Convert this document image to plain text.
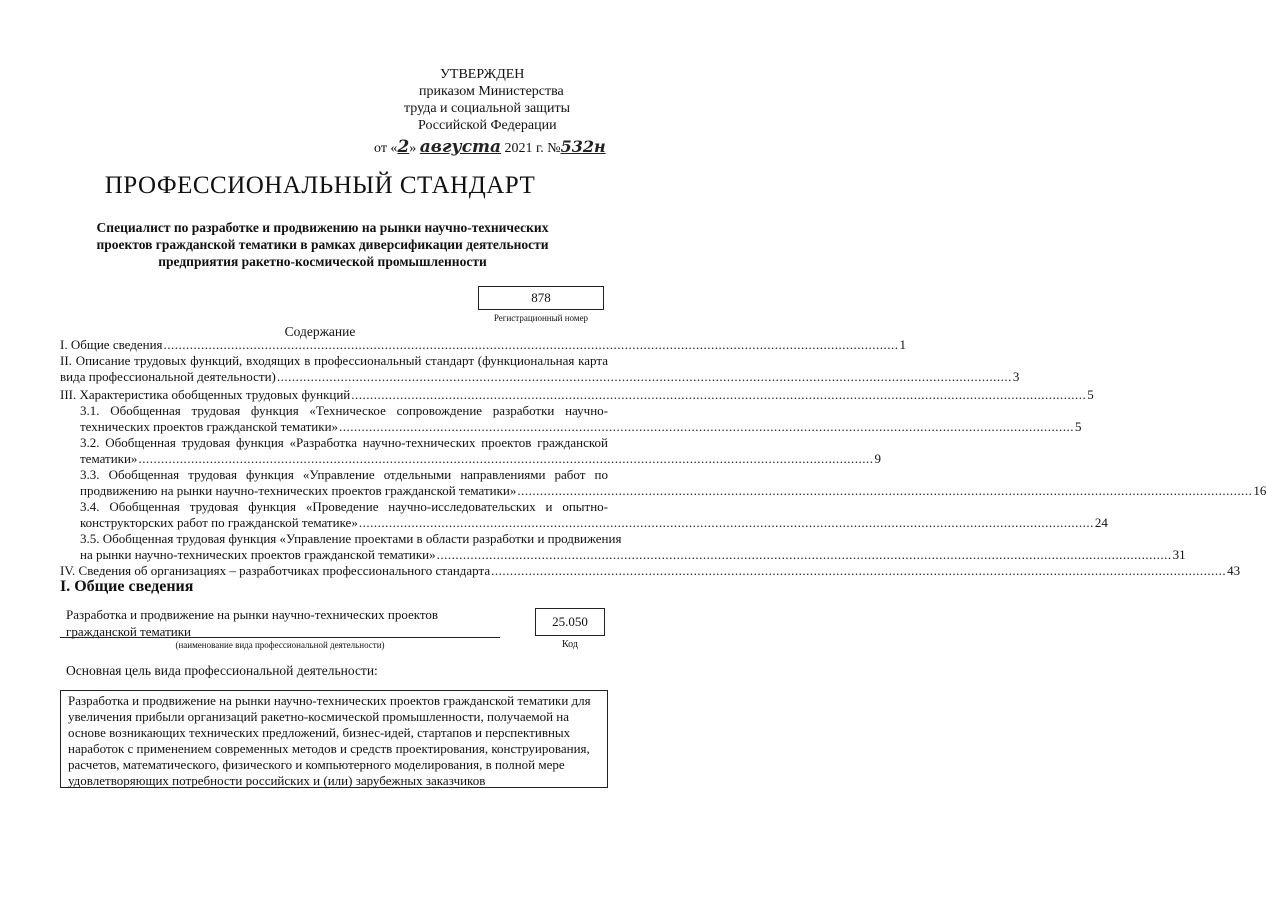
УТВЕРЖДЕН
приказом Министерства
труда и социальной защиты
Российской Федерации
от «2» августа 2021 г. №532н
ПРОФЕССИОНАЛЬНЫЙ СТАНДАРТ
Специалист по разработке и продвижению на рынки научно-технических
проектов гражданской тематики в рамках диверсификации деятельности
предприятия ракетно-космической промышленности
878
Регистрационный номер
Содержание
I. Общие сведения .................................................................................................................................................................................................... 1
II. Описание трудовых функций, входящих в профессиональный стандарт (функциональная карта
вида профессиональной деятельности) .................................................................................................................................................................................................... 3
III. Характеристика обобщенных трудовых функций .................................................................................................................................................................................................... 5
3.1. Обобщенная трудовая функция «Техническое сопровождение разработки научно-
технических проектов гражданской тематики» .................................................................................................................................................................................................... 5
3.2. Обобщенная трудовая функция «Разработка научно-технических проектов гражданской
тематики» .................................................................................................................................................................................................... 9
3.3. Обобщенная трудовая функция «Управление отдельными направлениями работ по
продвижению на рынки научно-технических проектов гражданской тематики» .................................................................................................................................................................................................... 16
3.4. Обобщенная трудовая функция «Проведение научно-исследовательских и опытно-
конструкторских работ по гражданской тематике» .................................................................................................................................................................................................... 24
3.5. Обобщенная трудовая функция «Управление проектами в области разработки и продвижения
на рынки научно-технических проектов гражданской тематики» .................................................................................................................................................................................................... 31
IV. Сведения об организациях – разработчиках профессионального стандарта .................................................................................................................................................................................................... 43
I. Общие сведения
Разработка и продвижение на рынки научно-технических проектов
гражданской тематики
(наименование вида профессиональной деятельности)
25.050
Код
Основная цель вида профессиональной деятельности:
Разработка и продвижение на рынки научно-технических проектов гражданской тематики для
увеличения прибыли организаций ракетно-космической промышленности, получаемой на
основе возникающих технических предложений, бизнес-идей, стартапов и перспективных
наработок с применением современных методов и средств проектирования, конструирования,
расчетов, математического, физического и компьютерного моделирования, в полной мере
удовлетворяющих потребности российских и (или) зарубежных заказчиков
